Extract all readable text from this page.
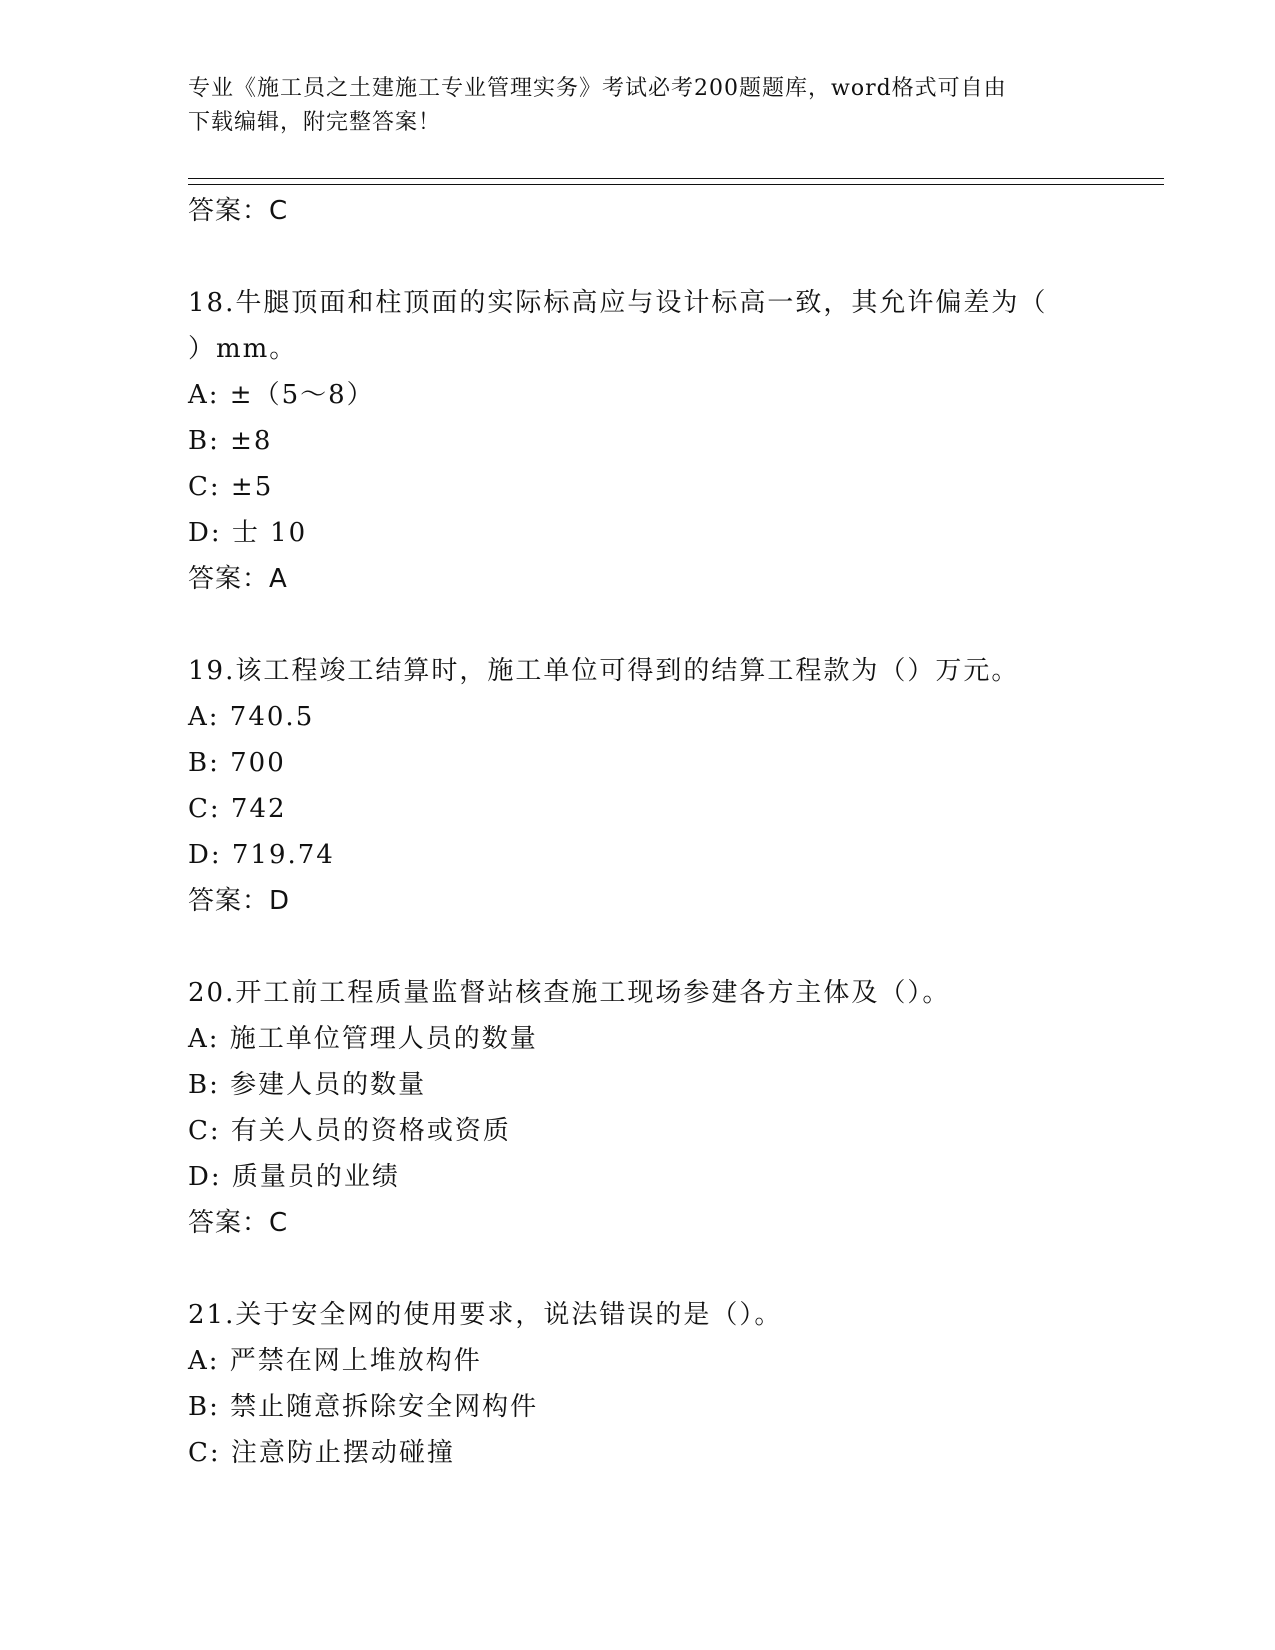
专业《施工员之土建施工专业管理实务》考试必考200题题库，word格式可自由
下载编辑，附完整答案！
答案：C
18.牛腿顶面和柱顶面的实际标高应与设计标高一致，其允许偏差为（
）mm。
A: ±（5～8）
B: ±8
C: ±5
D: 士 10
答案：A
19.该工程竣工结算时，施工单位可得到的结算工程款为（）万元。
A: 740.5
B: 700
C: 742
D: 719.74
答案：D
20.开工前工程质量监督站核查施工现场参建各方主体及（）。
A: 施工单位管理人员的数量
B: 参建人员的数量
C: 有关人员的资格或资质
D: 质量员的业绩
答案：C
21.关于安全网的使用要求，说法错误的是（）。
A: 严禁在网上堆放构件
B: 禁止随意拆除安全网构件
C: 注意防止摆动碰撞
